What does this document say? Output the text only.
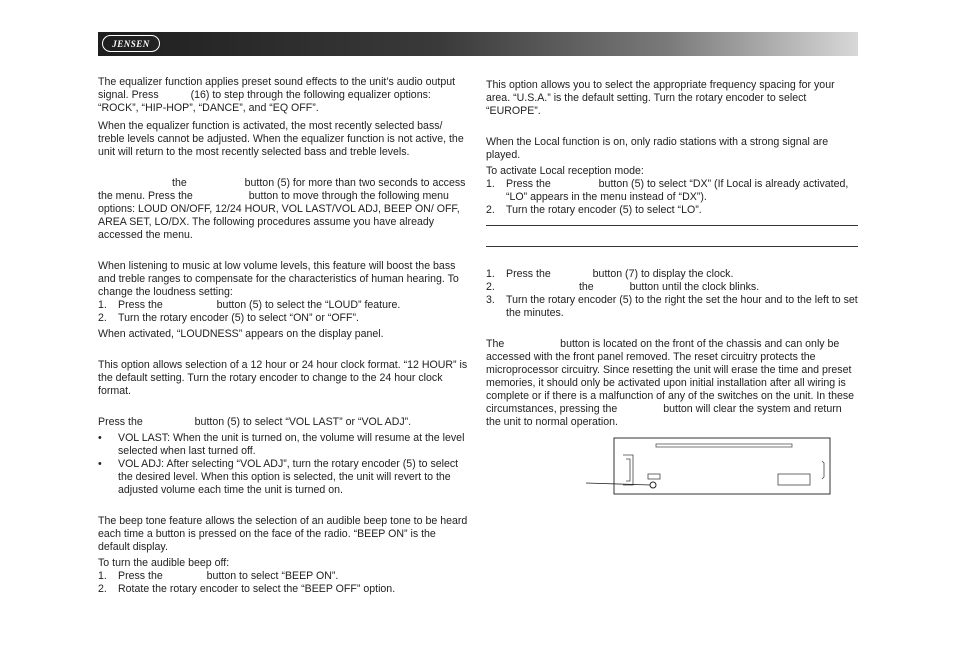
JENSEN

The equalizer function applies preset sound effects to the unit’s audio output signal. Press	(16) to step through the following equalizer options: “ROCK”, “HIP-HOP”, “DANCE”, and “EQ OFF”.

When the equalizer function is activated, the most recently selected bass/ treble levels cannot be adjusted. When the equalizer function is not active, the unit will return to the most recently selected bass and treble levels.

the	button (5) for more than two seconds to access the menu. Press the	button to move through the following menu options: LOUD ON/OFF, 12/24 HOUR, VOL LAST/VOL ADJ, BEEP ON/ OFF, AREA SET, LO/DX. The following procedures assume you have already accessed the menu.

When listening to music at low volume levels, this feature will boost the bass and treble ranges to compensate for the characteristics of human hearing. To change the loudness setting:

1.	Press the	button (5) to select the “LOUD” feature.
2.	Turn the rotary encoder (5) to select “ON” or “OFF”.

When activated, “LOUDNESS” appears on the display panel.

This option allows selection of a 12 hour or 24 hour clock format. “12 HOUR” is the default setting. Turn the rotary encoder to change to the 24 hour clock format.

Press the	button (5) to select “VOL LAST” or “VOL ADJ”.

•	VOL LAST: When the unit is turned on, the volume will resume at the level selected when last turned off.
•	VOL ADJ: After selecting “VOL ADJ”, turn the rotary encoder (5) to select the desired level. When this option is selected, the unit will revert to the adjusted volume each time the unit is turned on.

The beep tone feature allows the selection of an audible beep tone to be heard each time a button is pressed on the face of the radio. “BEEP ON” is the default display.

To turn the audible beep off:

1.	Press the	button to select “BEEP ON”.
2.	Rotate the rotary encoder to select the “BEEP OFF” option.

This option allows you to select the appropriate frequency spacing for your area. “U.S.A.” is the default setting. Turn the rotary encoder to select “EUROPE”.

When the Local function is on, only radio stations with a strong signal are played.

To activate Local reception mode:

1.	Press the	button (5) to select “DX” (If Local is already activated, “LO” appears in the menu instead of “DX”).
2.	Turn the rotary encoder (5) to select “LO”.
1.	Press the	button (7) to display the clock.
2.	the	button until the clock blinks.
3.	Turn the rotary encoder (5) to the right the set the hour and to the left to set the minutes.

The	button is located on the front of the chassis and can only be accessed with the front panel removed. The reset circuitry protects the microprocessor circuitry. Since resetting the unit will erase the time and preset memories, it should only be activated upon initial installation after all wiring is complete or if there is a malfunction of any of the switches on the unit. In these circumstances, pressing the	button will clear the system and return the unit to normal operation.
